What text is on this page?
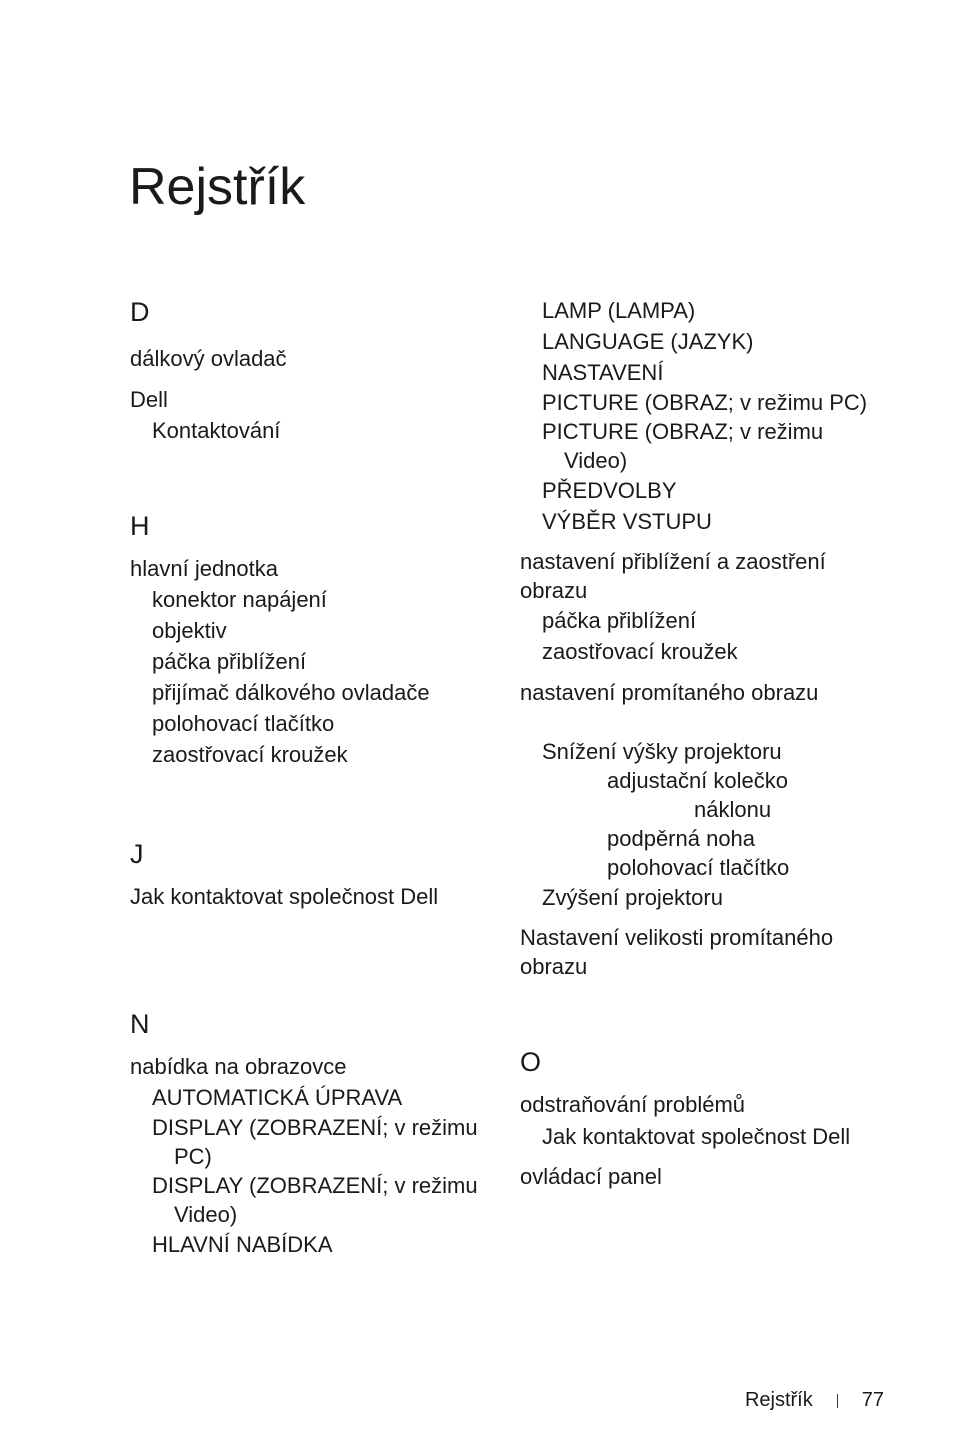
Rejstřík
D
dálkový ovladač
Dell
Kontaktování
H
hlavní jednotka
konektor napájení
objektiv
páčka přiblížení
přijímač dálkového ovladače
polohovací tlačítko
zaostřovací kroužek
J
Jak kontaktovat společnost Dell
N
nabídka na obrazovce
AUTOMATICKÁ ÚPRAVA
DISPLAY (ZOBRAZENÍ; v režimu PC)
DISPLAY (ZOBRAZENÍ; v režimu Video)
HLAVNÍ NABÍDKA
LAMP (LAMPA)
LANGUAGE (JAZYK)
NASTAVENÍ
PICTURE (OBRAZ; v režimu PC)
PICTURE (OBRAZ; v režimu Video)
PŘEDVOLBY
VÝBĚR VSTUPU
nastavení přiblížení a zaostření obrazu
páčka přiblížení
zaostřovací kroužek
nastavení promítaného obrazu
Snížení výšky projektoru
adjustační kolečko náklonu
podpěrná noha
polohovací tlačítko
Zvýšení projektoru
Nastavení velikosti promítaného obrazu
O
odstraňování problémů
Jak kontaktovat společnost Dell
ovládací panel
Rejstřík 77
